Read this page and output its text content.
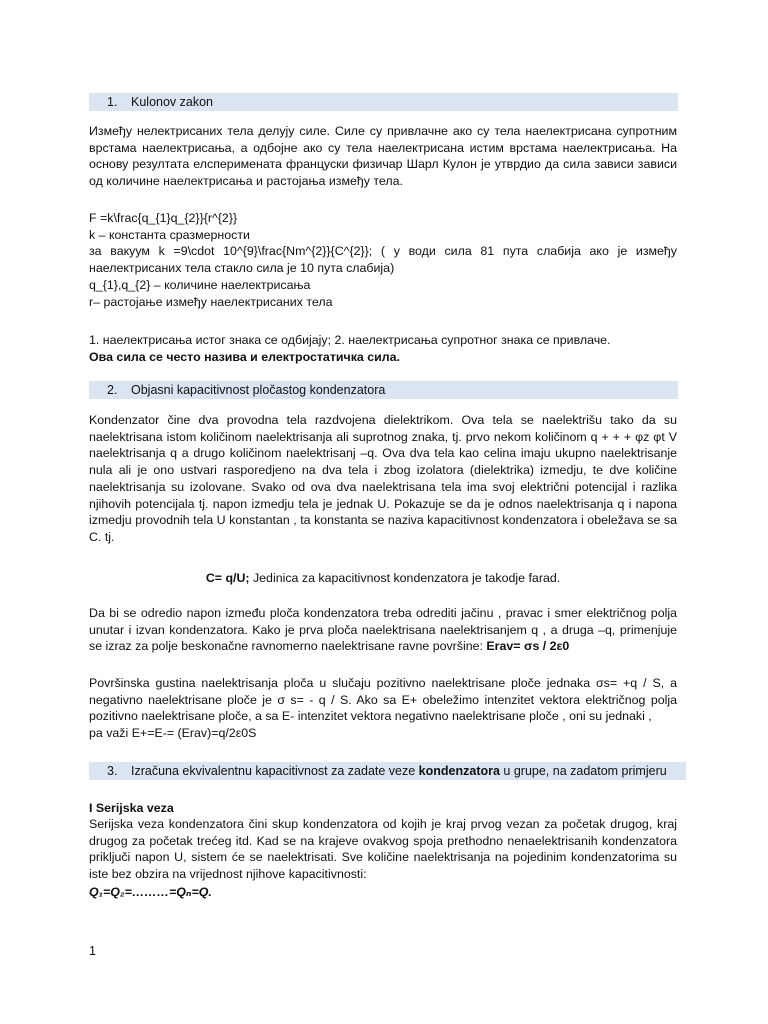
1. Kulonov zakon
Између нелектрисаних тела делују силе. Силе су привлачне ако су тела наелектрисана супротним врстама наелектрисања, а одбојне ако су тела наелектрисана истим врстама наелектрисања. На основу резултата елсперимената француски физичар Шарл Кулон је утврдио да сила зависи зависи од количине наелектрисања и растојања између тела.
F =k\frac{q_{1}q_{2}}{r^{2}}
k – константа сразмерности
за вакуум k =9\cdot 10^{9}\frac{Nm^{2}}{C^{2}}; ( у води сила 81 пута слабија ако је између наелектрисаних тела стакло сила је 10 пута слабија)
q_{1},q_{2} – количине наелектрисања
r– растојање између наелектрисаних тела
1. наелектрисања истог знака се одбијају; 2. наелектрисања супротног знака се привлаче.
Ова сила се често назива и електростатичка сила.
2. Objasni kapacitivnost pločastog kondenzatora
Kondenzator čine dva provodna tela razdvojena dielektrikom. Ova tela se naelektrišu tako da su naelektrisana istom količinom naelektrisanja ali suprotnog znaka, tj. prvo nekom količinom q + + + φz φt V naelektrisanja q a drugo količinom naelektrisanj –q. Ova dva tela kao celina imaju ukupno naelektrisanje nula ali je ono ustvari rasporedjeno na dva tela i zbog izolatora (dielektrika) izmedju, te dve količine naelektrisanja su izolovane. Svako od ova dva naelektrisana tela ima svoj električni potencijal i razlika njihovih potencijala tj. napon izmedju tela je jednak U. Pokazuje se da je odnos naelektrisanja q i napona izmedju provodnih tela U konstantan , ta konstanta se naziva kapacitivnost kondenzatora i obeležava se sa C. tj.
C= q/U; Jedinica za kapacitivnost kondenzatora je takodje farad.
Da bi se odredio napon između ploča kondenzatora treba odrediti jačinu , pravac i smer električnog polja unutar i izvan kondenzatora. Kako je prva ploča naelektrisana naelektrisanjem q , a druga –q, primenjuje se izraz za polje beskonačne ravnomerno naelektrisane ravne površine: Erav= σs / 2ε0
Površinska gustina naelektrisanja ploča u slučaju pozitivno naelektrisane ploče jednaka σs= +q / S, a negativno naelektrisane ploče je σ s= - q / S. Ako sa E+ obeležimo intenzitet vektora električnog polja pozitivno naelektrisane ploče, a sa E- intenzitet vektora negativno naelektrisane ploče , oni su jednaki ,
pa važi E+=E-= (Erav)=q/2ε0S
3. Izračuna ekvivalentnu kapacitivnost za zadate veze kondenzatora u grupe, na zadatom primjeru
I Serijska veza
Serijska veza kondenzatora čini skup kondenzatora od kojih je kraj prvog vezan za početak drugog, kraj drugog za početak trećeg itd. Kad se na krajeve ovakvog spoja prethodno nenaelektrisanih kondenzatora priključi napon U, sistem će se naelektrisati. Sve količine naelektrisanja na pojedinim kondenzatorima su iste bez obzira na vrijednost njihove kapacitivnosti:
Q₁=Q₂=………=Qₙ=Q.
1
